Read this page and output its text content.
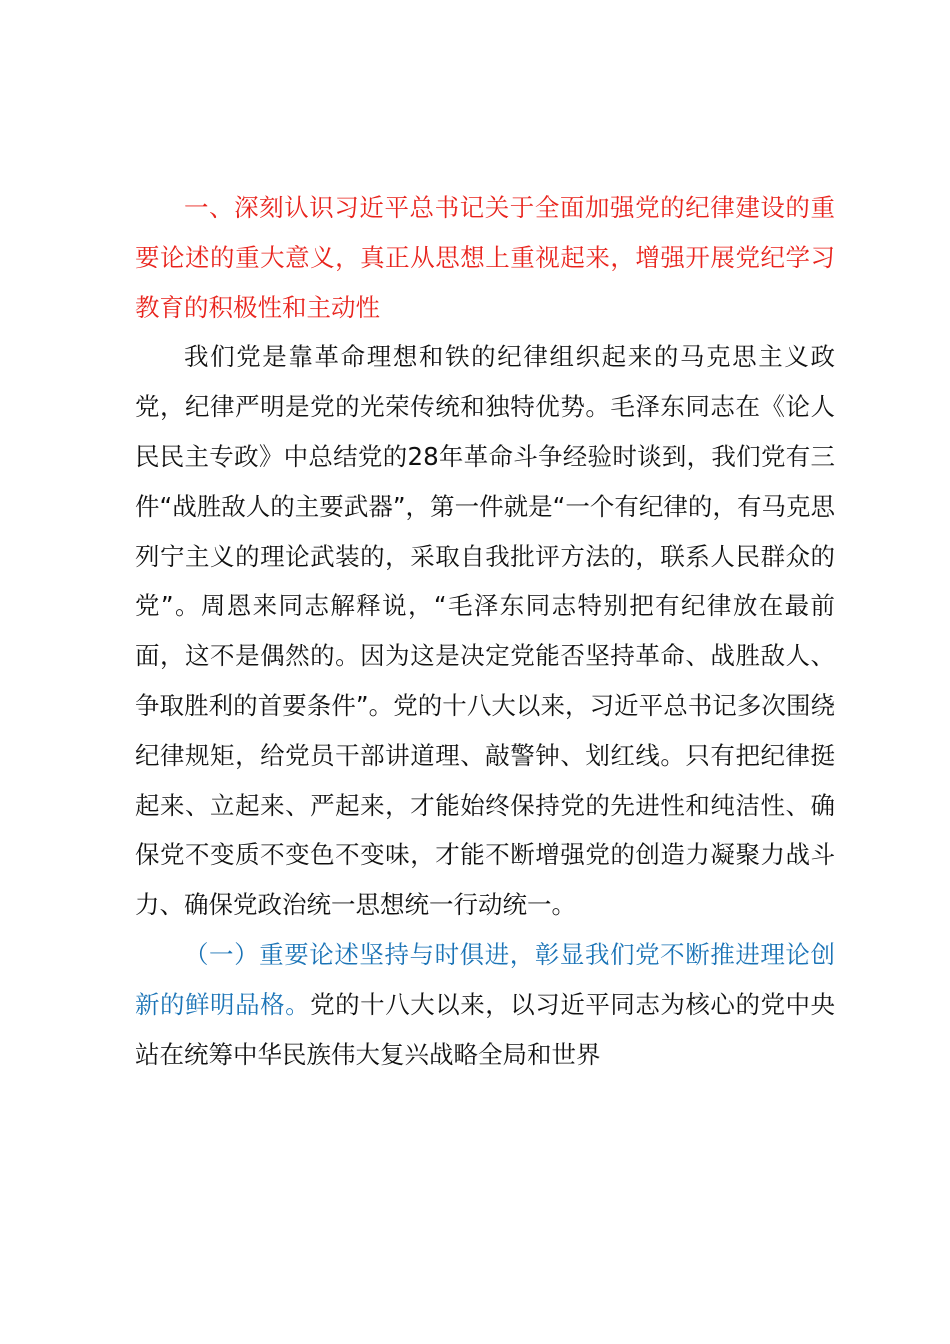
一、深刻认识习近平总书记关于全面加强党的纪律建设的重要论述的重大意义，真正从思想上重视起来，增强开展党纪学习教育的积极性和主动性

我们党是靠革命理想和铁的纪律组织起来的马克思主义政党，纪律严明是党的光荣传统和独特优势。毛泽东同志在《论人民民主专政》中总结党的28年革命斗争经验时谈到，我们党有三件“战胜敌人的主要武器”，第一件就是“一个有纪律的，有马克思列宁主义的理论武装的，采取自我批评方法的，联系人民群众的党”。周恩来同志解释说，“毛泽东同志特别把有纪律放在最前面，这不是偶然的。因为这是决定党能否坚持革命、战胜敌人、争取胜利的首要条件”。党的十八大以来，习近平总书记多次围绕纪律规矩，给党员干部讲道理、敲警钟、划红线。只有把纪律挺起来、立起来、严起来，才能始终保持党的先进性和纯洁性、确保党不变质不变色不变味，才能不断增强党的创造力凝聚力战斗力、确保党政治统一思想统一行动统一。

（一）重要论述坚持与时俱进，彰显我们党不断推进理论创新的鲜明品格。党的十八大以来，以习近平同志为核心的党中央站在统筹中华民族伟大复兴战略全局和世界
